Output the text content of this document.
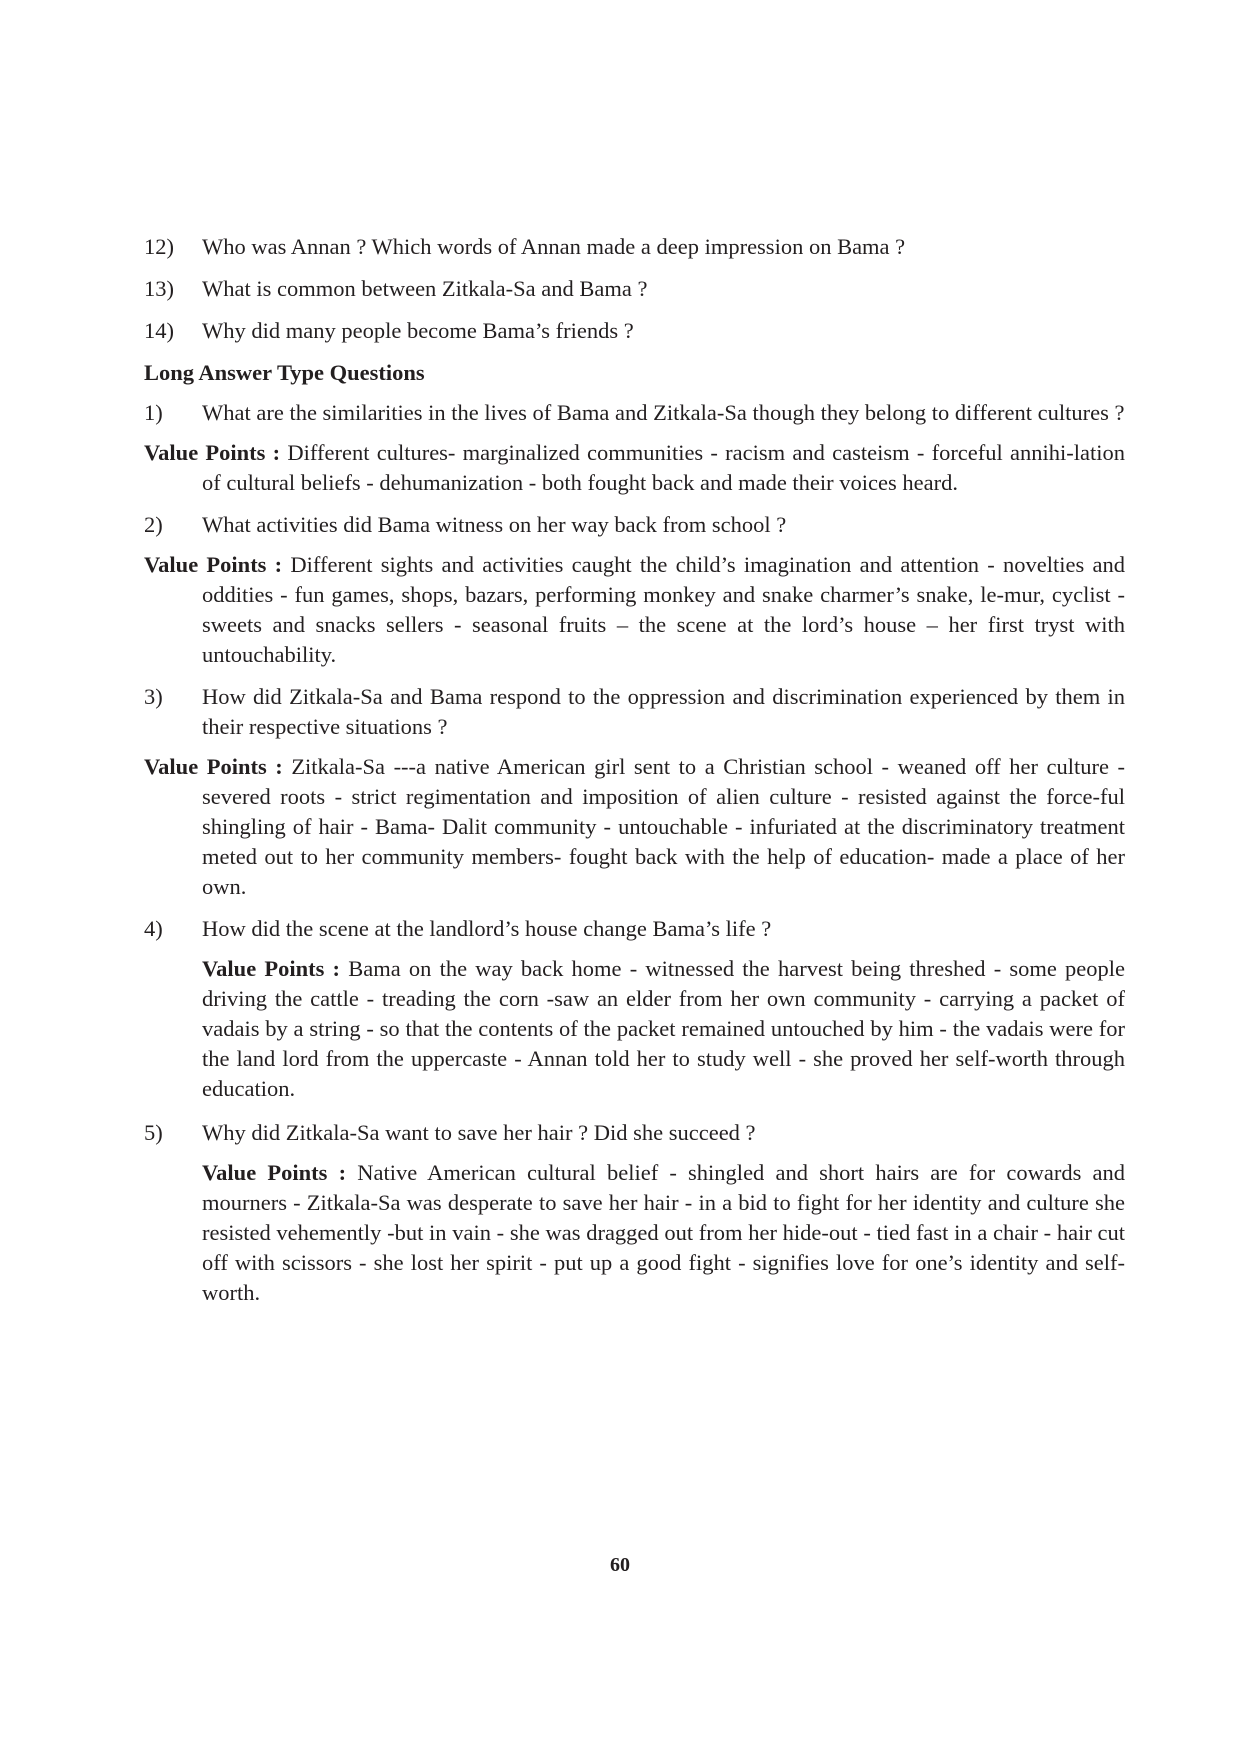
12) Who was Annan ? Which words of Annan made a deep impression on Bama ?
13) What is common between Zitkala-Sa and Bama ?
14) Why did many people become Bama’s friends ?
Long Answer Type Questions
1) What are the similarities in the lives of Bama and Zitkala-Sa though they belong to different cultures ?
Value Points : Different cultures- marginalized communities - racism and casteism - forceful annihi-lation of cultural beliefs - dehumanization - both fought back and made their voices heard.
2) What activities did Bama witness on her way back from school ?
Value Points : Different sights and activities caught the child’s imagination and attention - novelties and oddities - fun games, shops, bazars, performing monkey and snake charmer’s snake, le-mur, cyclist - sweets and snacks sellers - seasonal fruits – the scene at the lord’s house – her first tryst with untouchability.
3) How did Zitkala-Sa and Bama respond to the oppression and discrimination experienced by them in their respective situations ?
Value Points : Zitkala-Sa ---a native American girl sent to a Christian school - weaned off her culture - severed roots - strict regimentation and imposition of alien culture - resisted against the force-ful shingling of hair - Bama- Dalit community - untouchable - infuriated at the discriminatory treatment meted out to her community members- fought back with the help of education- made a place of her own.
4) How did the scene at the landlord’s house change Bama’s life ?
Value Points : Bama on the way back home - witnessed the harvest being threshed - some people driving the cattle - treading the corn -saw an elder from her own community - carrying a packet of vadais by a string - so that the contents of the packet remained untouched by him - the vadais were for the land lord from the uppercaste - Annan told her to study well - she proved her self-worth through education.
5) Why did Zitkala-Sa want to save her hair ? Did she succeed ?
Value Points : Native American cultural belief - shingled and short hairs are for cowards and mourners - Zitkala-Sa was desperate to save her hair - in a bid to fight for her identity and culture she resisted vehemently -but in vain - she was dragged out from her hide-out - tied fast in a chair - hair cut off with scissors - she lost her spirit - put up a good fight - signifies love for one’s identity and self-worth.
60
